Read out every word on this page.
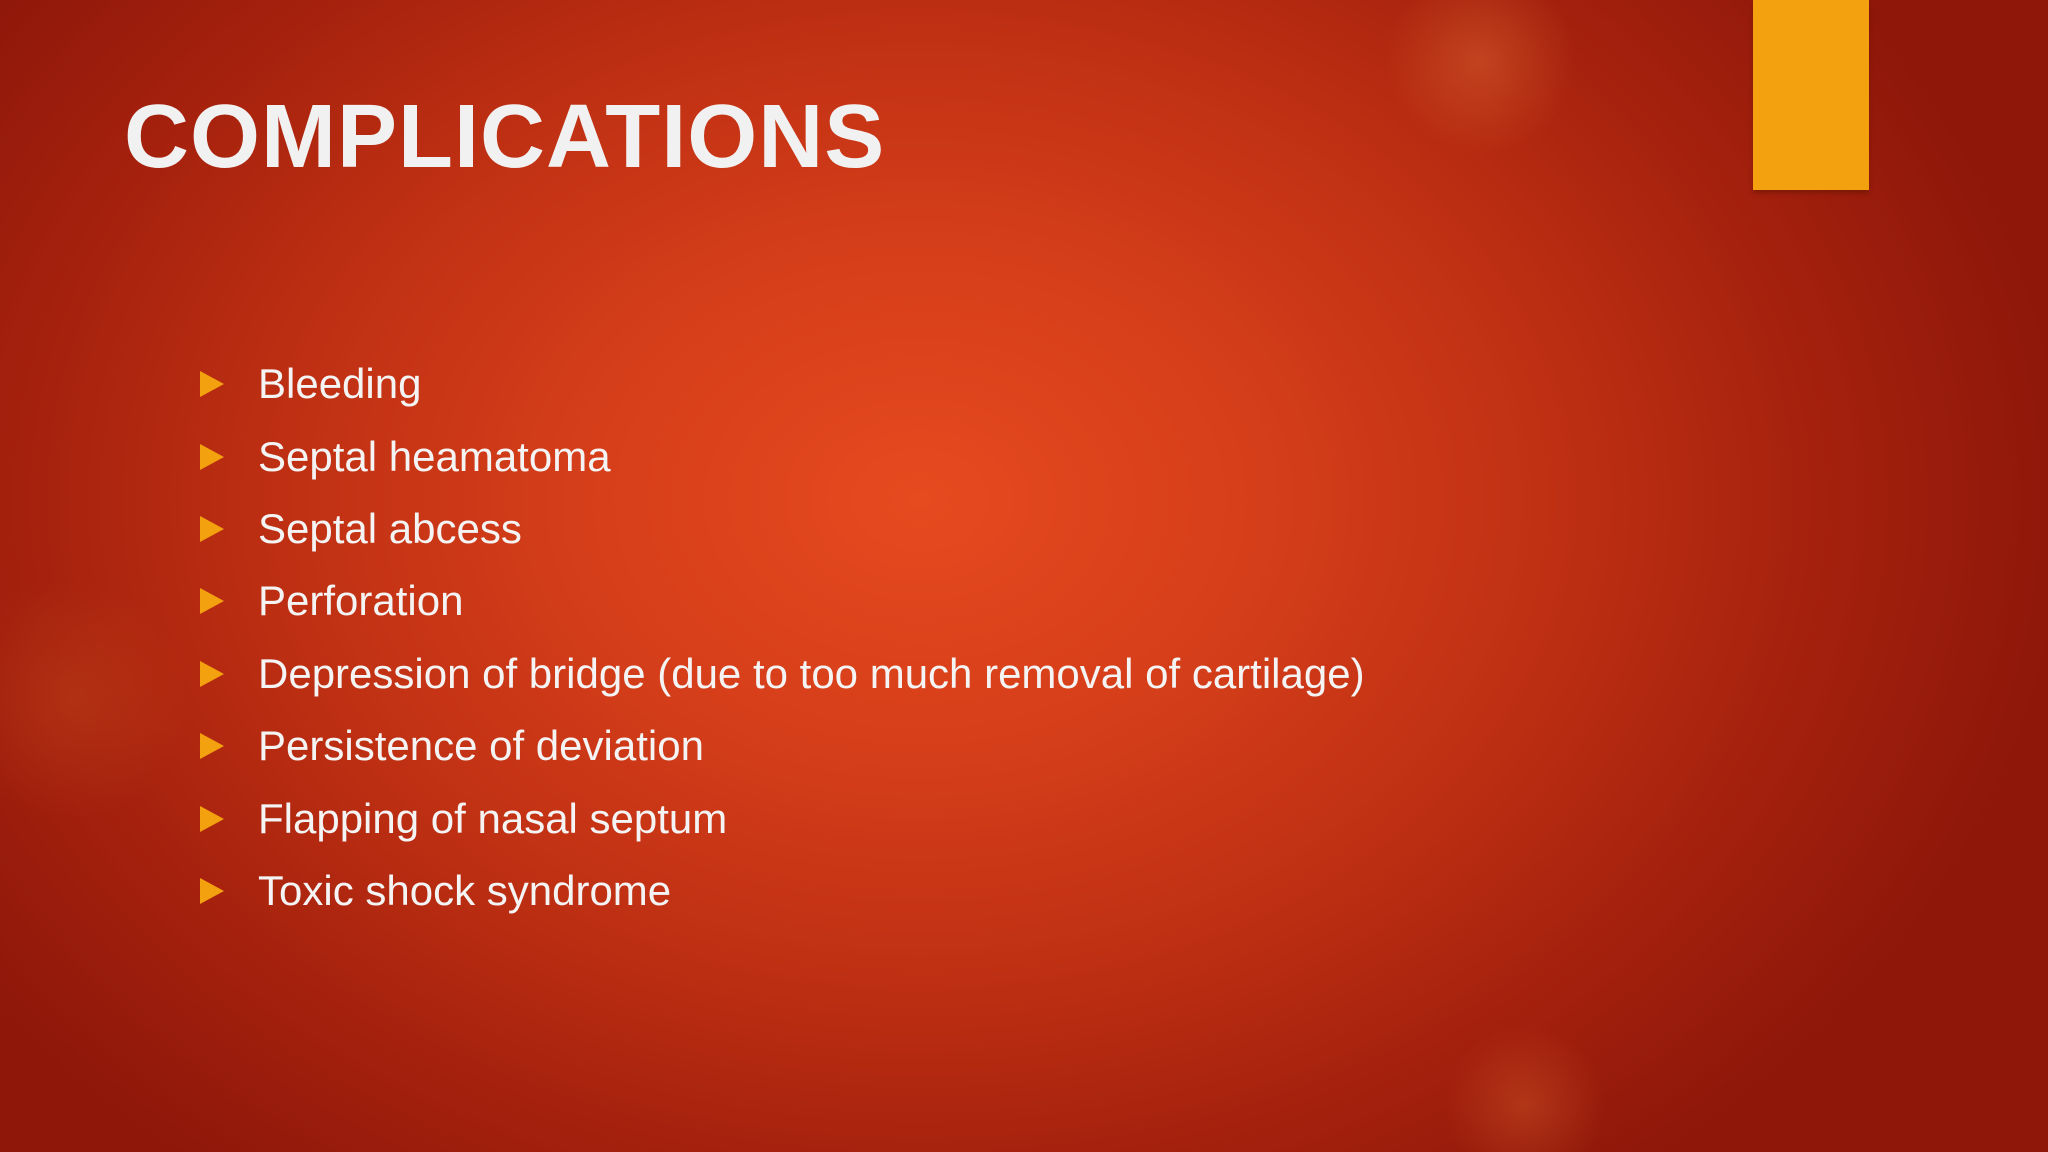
COMPLICATIONS
Bleeding
Septal heamatoma
Septal abcess
Perforation
Depression of bridge (due to too much removal of cartilage)
Persistence of deviation
Flapping of nasal septum
Toxic shock syndrome
